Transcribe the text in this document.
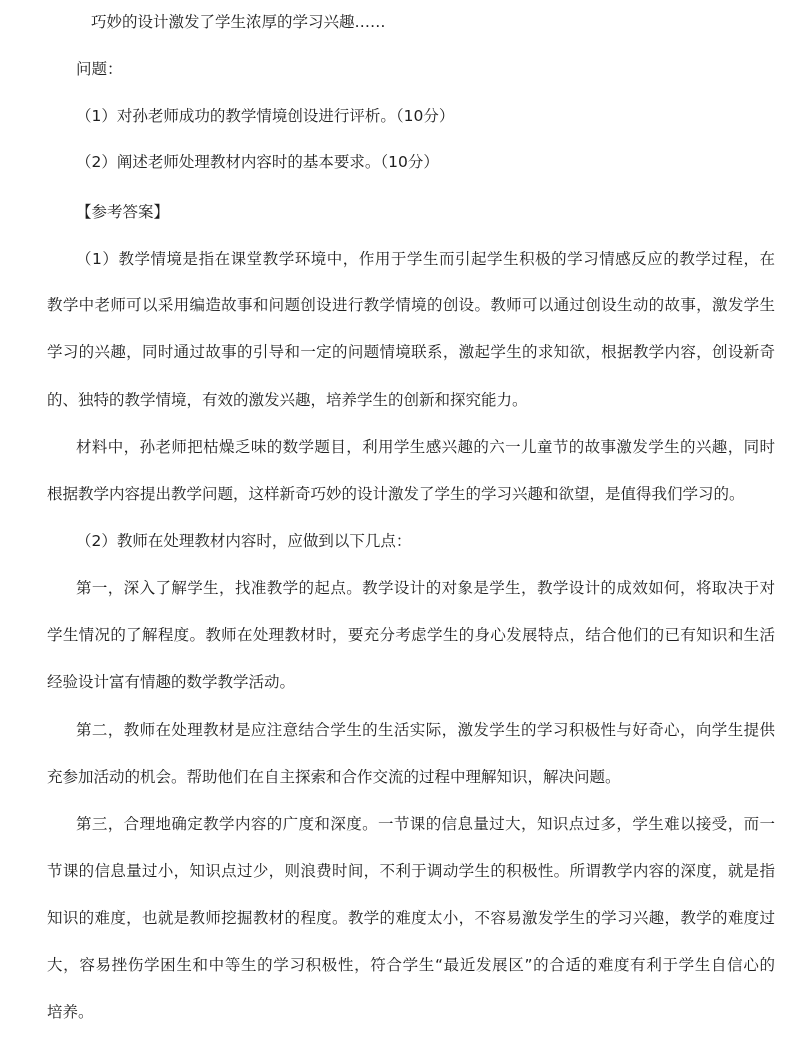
巧妙的设计激发了学生浓厚的学习兴趣……
问题：
（1）对孙老师成功的教学情境创设进行评析。（10分）
（2）阐述老师处理教材内容时的基本要求。（10分）
【参考答案】
（1）教学情境是指在课堂教学环境中，作用于学生而引起学生积极的学习情感反应的教学过程，在
教学中老师可以采用编造故事和问题创设进行教学情境的创设。教师可以通过创设生动的故事，激发学生
学习的兴趣，同时通过故事的引导和一定的问题情境联系，激起学生的求知欲，根据教学内容，创设新奇
的、独特的教学情境，有效的激发兴趣，培养学生的创新和探究能力。
材料中，孙老师把枯燥乏味的数学题目，利用学生感兴趣的六一儿童节的故事激发学生的兴趣，同时
根据教学内容提出教学问题，这样新奇巧妙的设计激发了学生的学习兴趣和欲望，是值得我们学习的。
（2）教师在处理教材内容时，应做到以下几点：
第一，深入了解学生，找准教学的起点。教学设计的对象是学生，教学设计的成效如何，将取决于对
学生情况的了解程度。教师在处理教材时，要充分考虑学生的身心发展特点，结合他们的已有知识和生活
经验设计富有情趣的数学教学活动。
第二，教师在处理教材是应注意结合学生的生活实际，激发学生的学习积极性与好奇心，向学生提供
充参加活动的机会。帮助他们在自主探索和合作交流的过程中理解知识，解决问题。
第三，合理地确定教学内容的广度和深度。一节课的信息量过大，知识点过多，学生难以接受，而一
节课的信息量过小，知识点过少，则浪费时间，不利于调动学生的积极性。所谓教学内容的深度，就是指
知识的难度，也就是教师挖掘教材的程度。教学的难度太小，不容易激发学生的学习兴趣，教学的难度过
大，容易挫伤学困生和中等生的学习积极性，符合学生“最近发展区”的合适的难度有利于学生自信心的
培养。
